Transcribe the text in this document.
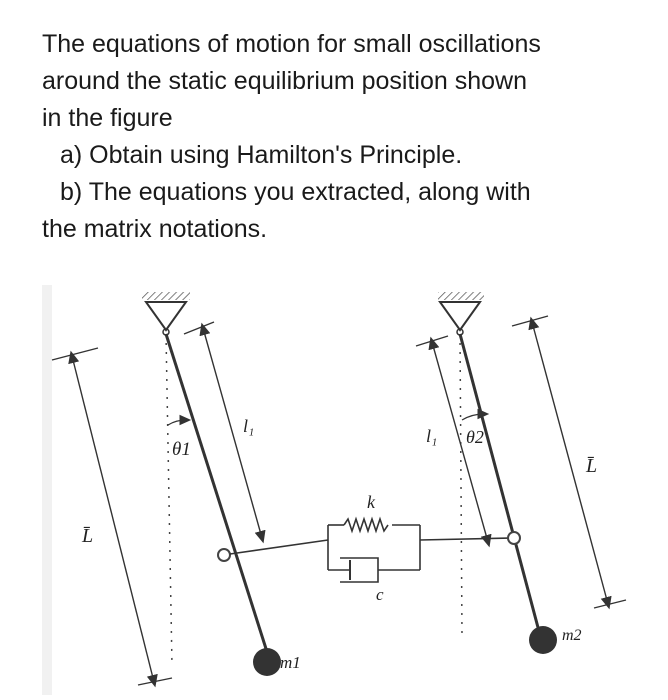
The equations of motion for small oscillations
around the static equilibrium position shown
in the figure
a) Obtain using Hamilton's Principle.
b) The equations you extracted, along with
the matrix notations.
L̄
l₁
θ1
m1
k
c
l₁ θ2
L̄
m2
